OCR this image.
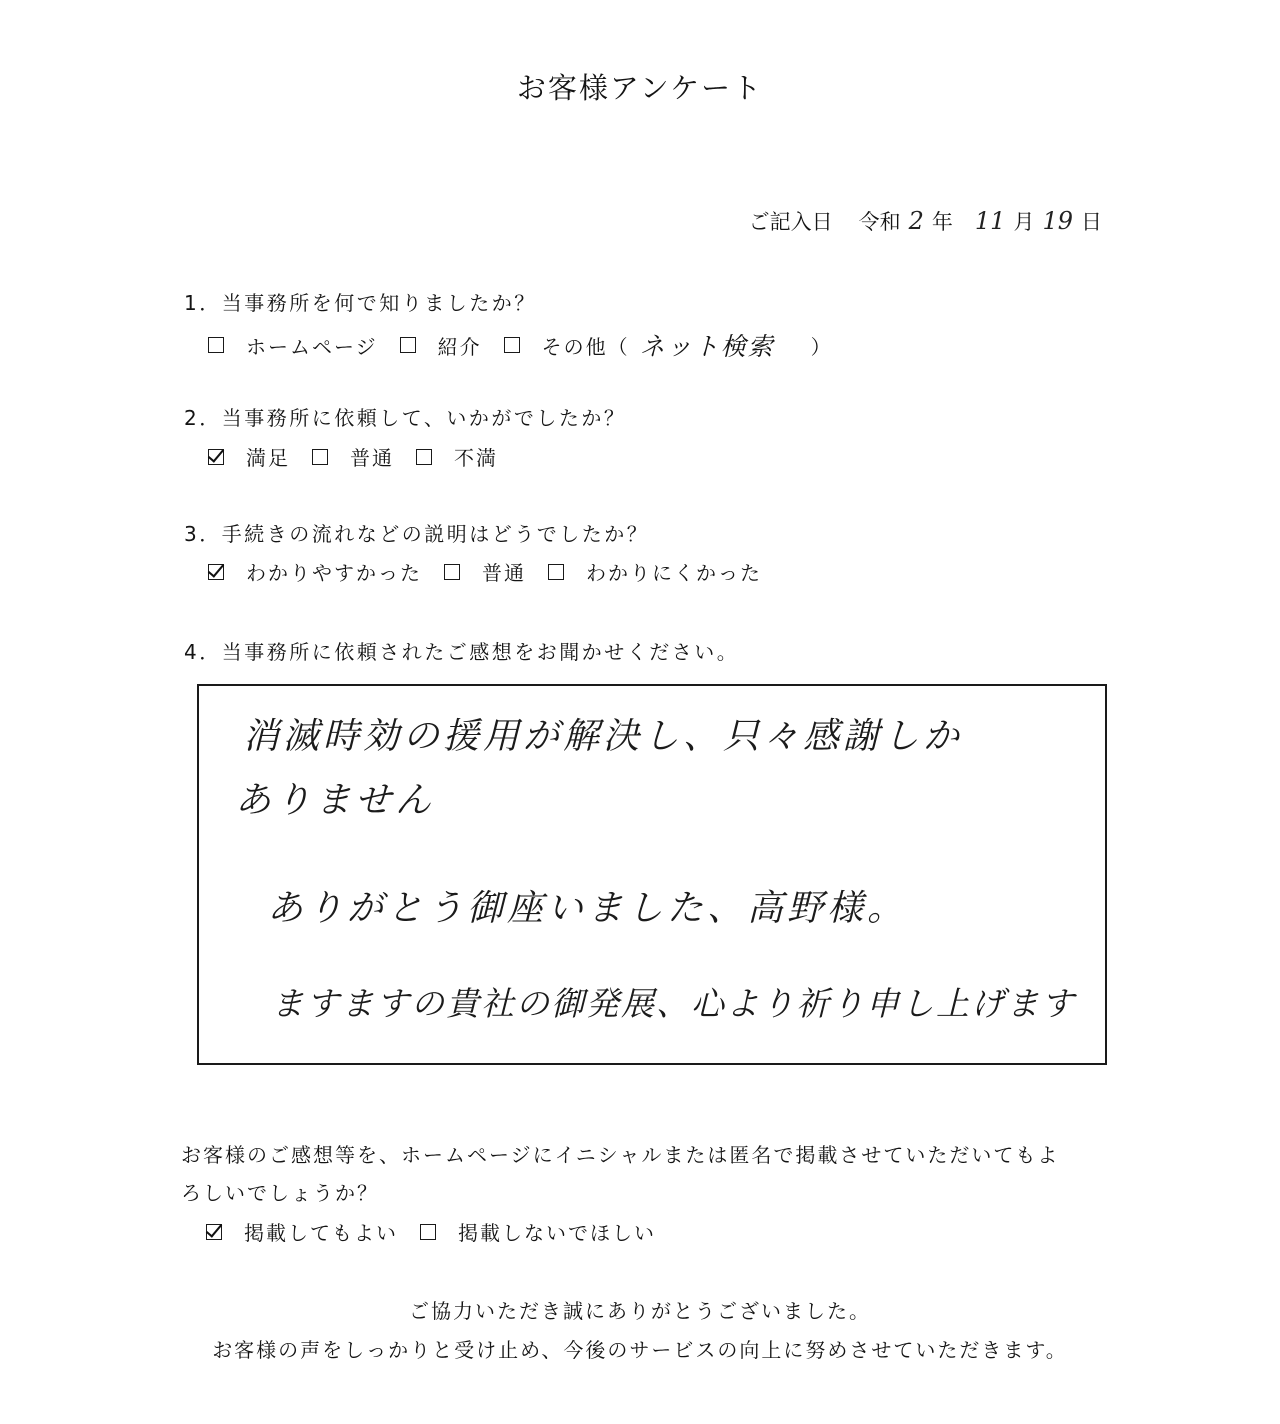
お客様アンケート
ご記入日 令和 2 年 11 月 19 日
1．当事務所を何で知りましたか？
ホームページ	紹介	その他（ ネット検索 ）
2．当事務所に依頼して、いかがでしたか？
満足	普通	不満
3．手続きの流れなどの説明はどうでしたか？
わかりやすかった	普通	わかりにくかった
4．当事務所に依頼されたご感想をお聞かせください。
消滅時効の援用が解決し、只々感謝しか
ありません
ありがとう御座いました、高野様。
ますますの貴社の御発展、心より祈り申し上げます
お客様のご感想等を、ホームページにイニシャルまたは匿名で掲載させていただいてもよ
ろしいでしょうか？
掲載してもよい	掲載しないでほしい
ご協力いただき誠にありがとうございました。
お客様の声をしっかりと受け止め、今後のサービスの向上に努めさせていただきます。
